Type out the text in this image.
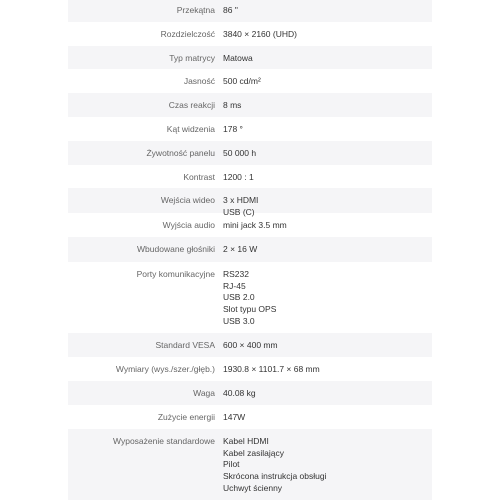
Przekątna 86 "
Rozdzielczość 3840 × 2160 (UHD)
Typ matrycy Matowa
Jasność 500 cd/m²
Czas reakcji 8 ms
Kąt widzenia 178 °
Żywotność panelu 50 000 h
Kontrast 1200 : 1
Wejścia wideo 3 x HDMI
USB (C)
Wyjścia audio mini jack 3.5 mm
Wbudowane głośniki 2 × 16 W
Porty komunikacyjne RS232
RJ-45
USB 2.0
Slot typu OPS
USB 3.0
Standard VESA 600 × 400 mm
Wymiary (wys./szer./głęb.) 1930.8 × 1101.7 × 68 mm
Waga 40.08 kg
Zużycie energii 147W
Wyposażenie standardowe Kabel HDMI
Kabel zasilający
Pilot
Skrócona instrukcja obsługi
Uchwyt ścienny
